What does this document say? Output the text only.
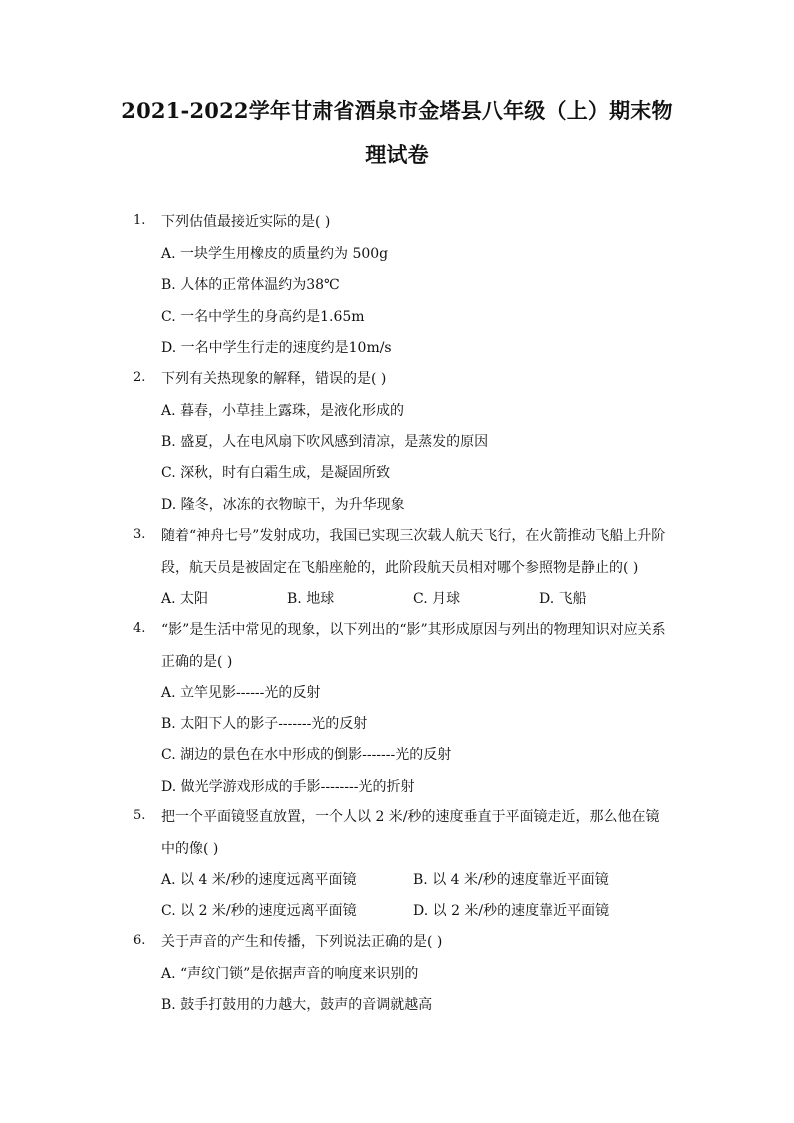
2021-2022学年甘肃省酒泉市金塔县八年级（上）期末物
理试卷
1.	下列估值最接近实际的是( )
A. 一块学生用橡皮的质量约为 500g
B. 人体的正常体温约为38℃
C. 一名中学生的身高约是1.65m
D. 一名中学生行走的速度约是10m/s
2.	下列有关热现象的解释，错误的是( )
A. 暮春，小草挂上露珠，是液化形成的
B. 盛夏，人在电风扇下吹风感到清凉，是蒸发的原因
C. 深秋，时有白霜生成，是凝固所致
D. 隆冬，冰冻的衣物晾干，为升华现象
3.	随着“神舟七号”发射成功，我国已实现三次载人航天飞行，在火箭推动飞船上升阶段，航天员是被固定在飞船座舱的，此阶段航天员相对哪个参照物是静止的( )
A. 太阳	B. 地球	C. 月球	D. 飞船
4.	“影”是生活中常见的现象，以下列出的“影”其形成原因与列出的物理知识对应关系正确的是( )
A. 立竿见影------光的反射
B. 太阳下人的影子-------光的反射
C. 湖边的景色在水中形成的倒影-------光的反射
D. 做光学游戏形成的手影--------光的折射
5.	把一个平面镜竖直放置，一个人以 2 米/秒的速度垂直于平面镜走近，那么他在镜中的像( )
A. 以 4 米/秒的速度远离平面镜	B. 以 4 米/秒的速度靠近平面镜
C. 以 2 米/秒的速度远离平面镜	D. 以 2 米/秒的速度靠近平面镜
6.	关于声音的产生和传播，下列说法正确的是( )
A. “声纹门锁”是依据声音的响度来识别的
B. 鼓手打鼓用的力越大，鼓声的音调就越高
